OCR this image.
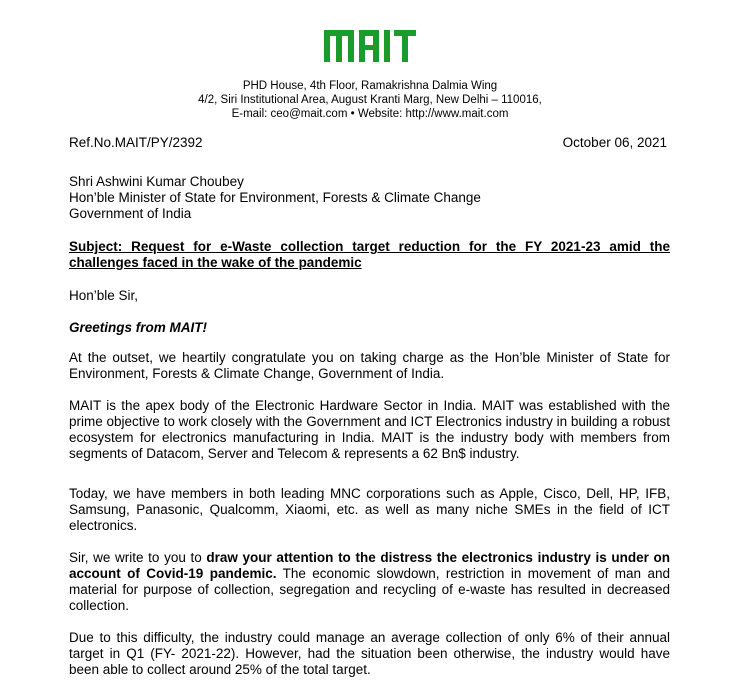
PHD House, 4th Floor, Ramakrishna Dalmia Wing
4/2, Siri Institutional Area, August Kranti Marg, New Delhi – 110016,
E-mail: ceo@mait.com • Website: http://www.mait.com
Ref.No.MAIT/PY/2392	October 06, 2021
Shri Ashwini Kumar Choubey
Hon’ble Minister of State for Environment, Forests & Climate Change
Government of India
Subject: Request for e-Waste collection target reduction for the FY 2021-23 amid the challenges faced in the wake of the pandemic
Hon’ble Sir,
Greetings from MAIT!
At the outset, we heartily congratulate you on taking charge as the Hon’ble Minister of State for Environment, Forests & Climate Change, Government of India.
MAIT is the apex body of the Electronic Hardware Sector in India. MAIT was established with the prime objective to work closely with the Government and ICT Electronics industry in building a robust ecosystem for electronics manufacturing in India. MAIT is the industry body with members from segments of Datacom, Server and Telecom & represents a 62 Bn$ industry.
Today, we have members in both leading MNC corporations such as Apple, Cisco, Dell, HP, IFB, Samsung, Panasonic, Qualcomm, Xiaomi, etc. as well as many niche SMEs in the field of ICT electronics.
Sir, we write to you to draw your attention to the distress the electronics industry is under on account of Covid-19 pandemic. The economic slowdown, restriction in movement of man and material for purpose of collection, segregation and recycling of e-waste has resulted in decreased collection.
Due to this difficulty, the industry could manage an average collection of only 6% of their annual target in Q1 (FY- 2021-22). However, had the situation been otherwise, the industry would have been able to collect around 25% of the total target.
